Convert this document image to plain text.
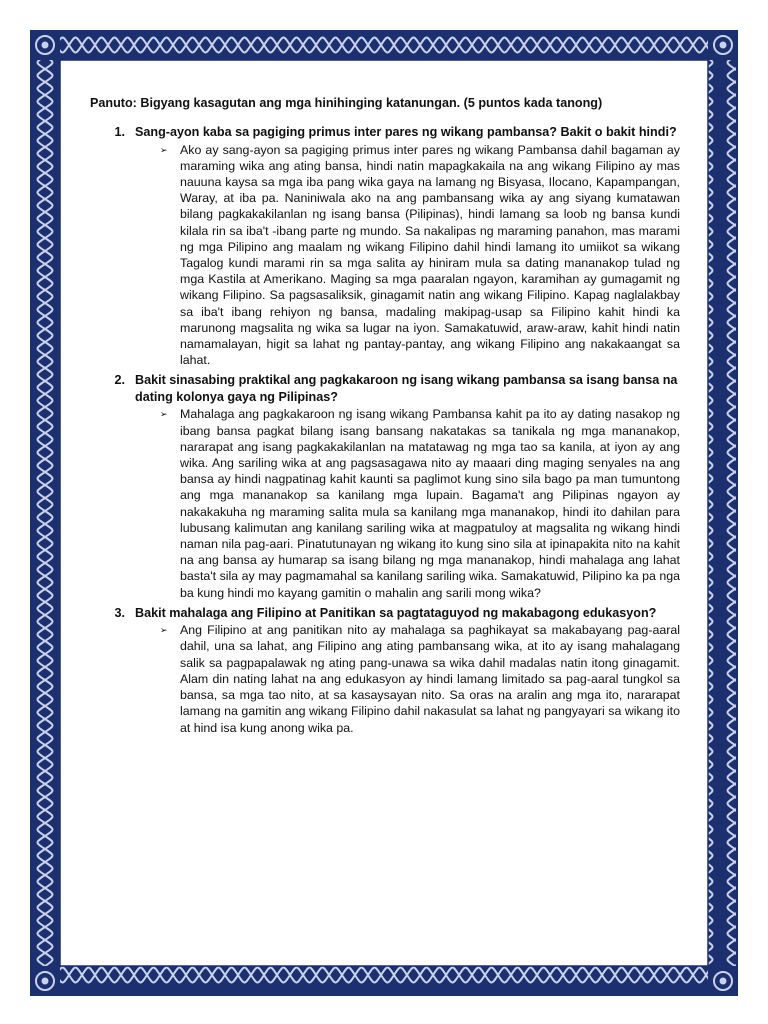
Panuto: Bigyang kasagutan ang mga hinihinging katanungan. (5 puntos kada tanong)
1. Sang-ayon kaba sa pagiging primus inter pares ng wikang pambansa? Bakit o bakit hindi?
➢	Ako ay sang-ayon sa pagiging primus inter pares ng wikang Pambansa dahil bagaman ay maraming wika ang ating bansa, hindi natin mapagkakaila na ang wikang Filipino ay mas nauuna kaysa sa mga iba pang wika gaya na lamang ng Bisyasa, Ilocano, Kapampangan, Waray, at iba pa. Naniniwala ako na ang pambansang wika ay ang siyang kumatawan bilang pagkakakilanlan ng isang bansa (Pilipinas), hindi lamang sa loob ng bansa kundi kilala rin sa iba't -ibang parte ng mundo. Sa nakalipas ng maraming panahon, mas marami ng mga Pilipino ang maalam ng wikang Filipino dahil hindi lamang ito umiikot sa wikang Tagalog kundi marami rin sa mga salita ay hiniram mula sa dating mananakop tulad ng mga Kastila at Amerikano. Maging sa mga paaralan ngayon, karamihan ay gumagamit ng wikang Filipino. Sa pagsasaliksik, ginagamit natin ang wikang Filipino. Kapag naglalakbay sa iba't ibang rehiyon ng bansa, madaling makipag-usap sa Filipino kahit hindi ka marunong magsalita ng wika sa lugar na iyon. Samakatuwid, araw-araw, kahit hindi natin namamalayan, higit sa lahat ng pantay-pantay, ang wikang Filipino ang nakakaangat sa lahat.
2. Bakit sinasabing praktikal ang pagkakaroon ng isang wikang pambansa sa isang bansa na dating kolonya gaya ng Pilipinas?
➢	Mahalaga ang pagkakaroon ng isang wikang Pambansa kahit pa ito ay dating nasakop ng ibang bansa pagkat bilang isang bansang nakatakas sa tanikala ng mga mananakop, nararapat ang isang pagkakakilanlan na matatawag ng mga tao sa kanila, at iyon ay ang wika. Ang sariling wika at ang pagsasagawa nito ay maaari ding maging senyales na ang bansa ay hindi nagpatinag kahit kaunti sa paglimot kung sino sila bago pa man tumuntong ang mga mananakop sa kanilang mga lupain. Bagama't ang Pilipinas ngayon ay nakakakuha ng maraming salita mula sa kanilang mga mananakop, hindi ito dahilan para lubusang kalimutan ang kanilang sariling wika at magpatuloy at magsalita ng wikang hindi naman nila pag-aari. Pinatutunayan ng wikang ito kung sino sila at ipinapakita nito na kahit na ang bansa ay humarap sa isang bilang ng mga mananakop, hindi mahalaga ang lahat basta't sila ay may pagmamahal sa kanilang sariling wika. Samakatuwid, Pilipino ka pa nga ba kung hindi mo kayang gamitin o mahalin ang sarili mong wika?
3. Bakit mahalaga ang Filipino at Panitikan sa pagtataguyod ng makabagong edukasyon?
➢	Ang Filipino at ang panitikan nito ay mahalaga sa paghikayat sa makabayang pag-aaral dahil, una sa lahat, ang Filipino ang ating pambansang wika, at ito ay isang mahalagang salik sa pagpapalawak ng ating pang-unawa sa wika dahil madalas natin itong ginagamit. Alam din nating lahat na ang edukasyon ay hindi lamang limitado sa pag-aaral tungkol sa bansa, sa mga tao nito, at sa kasaysayan nito. Sa oras na aralin ang mga ito, nararapat lamang na gamitin ang wikang Filipino dahil nakasulat sa lahat ng pangyayari sa wikang ito at hind isa kung anong wika pa.
